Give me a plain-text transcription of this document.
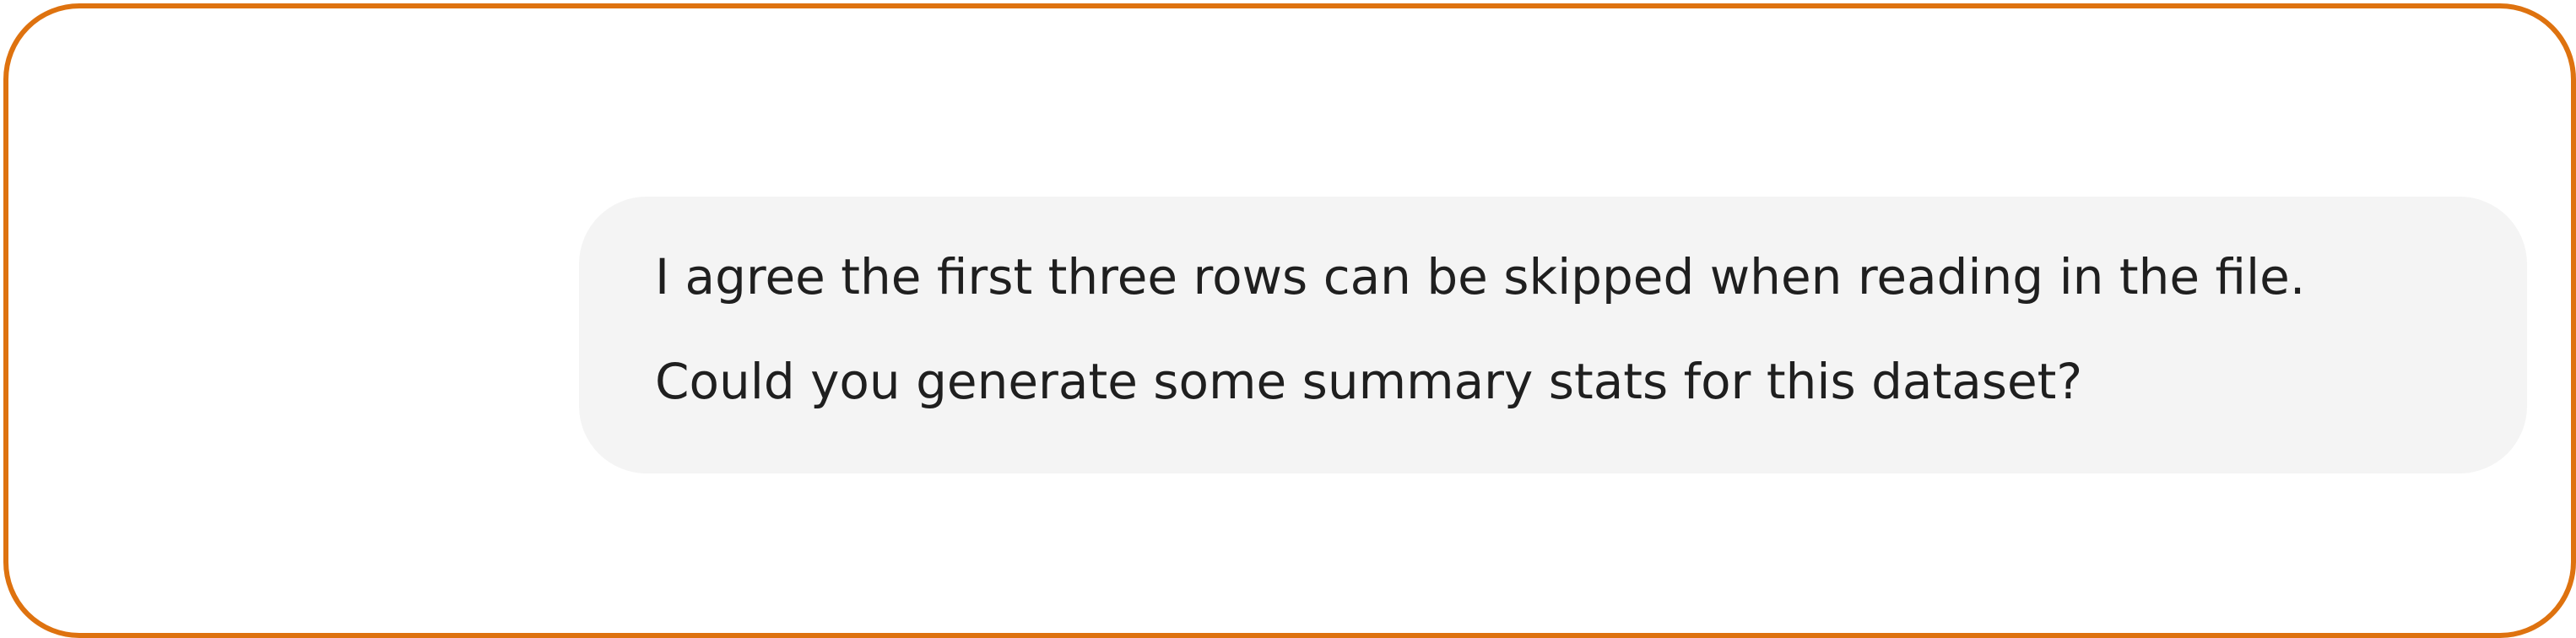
I agree the first three rows can be skipped when reading in the file.
Could you generate some summary stats for this dataset?
